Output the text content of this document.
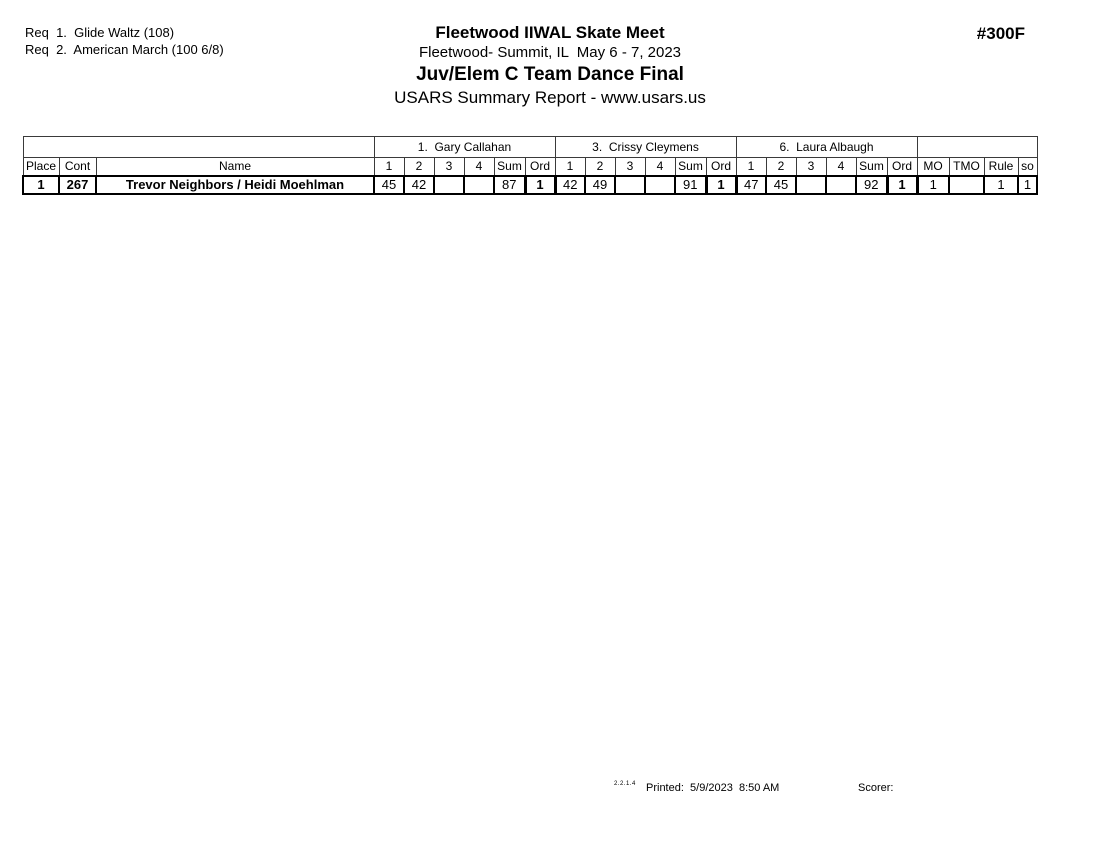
Req  1.  Glide Waltz (108)
Req  2.  American March (100 6/8)
Fleetwood IIWAL Skate Meet
Fleetwood- Summit, IL  May 6 - 7, 2023
Juv/Elem C Team Dance Final
USARS Summary Report - www.usars.us
#300F
			1.  Gary Callahan						3.  Crissy Cleymens						6.  Laura Albaugh									
Place	Cont	Name	1	2	3	4	Sum	Ord	1	2	3	4	Sum	Ord	1	2	3	4	Sum	Ord	MO	TMO	Rule	so
1	267	Trevor Neighbors / Heidi Moehlman	45	42			87	1	42	49			91	1	47	45			92	1	1		1	1
2.2.1.4 Printed: 5/9/2023  8:50 AM	Scorer:
